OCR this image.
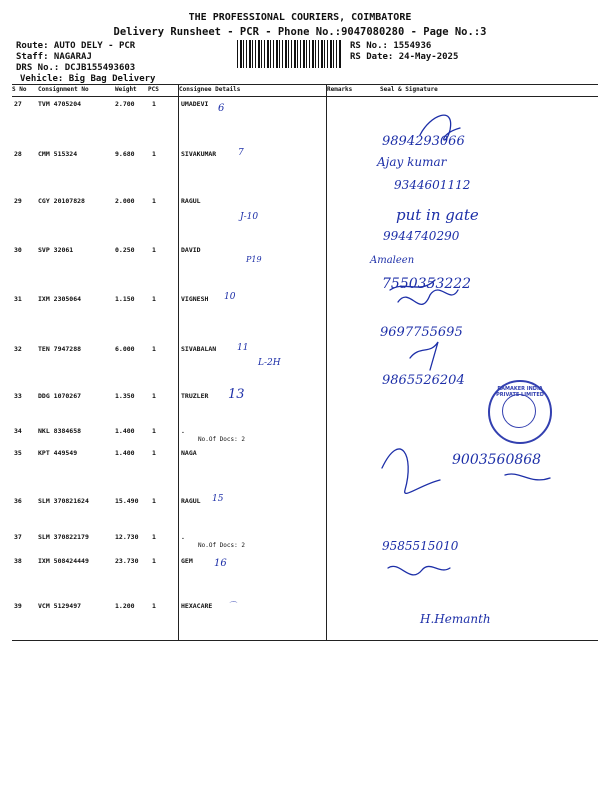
THE PROFESSIONAL COURIERS, COIMBATORE
Delivery Runsheet - PCR - Phone No.:9047080280 - Page No.:3
Route: AUTO DELY - PCR
Staff: NAGARAJ
DRS No.: DCJB155493603
Vehicle: Big Bag Delivery
RS No.: 1554936
RS Date: 24-May-2025
S No Consignment No	Weight PCS	Consignee Details	Remarks	Seal & Signature
27 TVM 4705204	2.700	1	UMADEVI
28 CMM 515324	9.680	1	SIVAKUMAR
29 CGY 20107828	2.000	1	RAGUL
30 SVP 32061	0.250	1	DAVID
31 IXM 2305064	1.150	1	VIGNESH
32 TEN 7947288	6.000	1	SIVABALAN
33 DDG 1070267	1.350	1	TRUZLER
34 NKL 8384658	1.400	1	.
No.Of Docs: 2
35 KPT 449549	1.400	1	NAGA
36 SLM 370821624	15.490 1	RAGUL
37 SLM 370822179	12.730 1	.
No.Of Docs: 2
38 IXM 508424449	23.730 1	GEM
39 VCM 5129497	1.200	1	HEXACARE
6
7
J-10
P19
10
11
L-2H
13
15
16
⌒
9894293066
Ajay kumar
9344601112
put in gate
9944740290
Amaleen
7550353222
9697755695
9865526204
9003560868
9585515010
H.Hemanth
RAMAKER INDIA PRIVATE LIMITED
